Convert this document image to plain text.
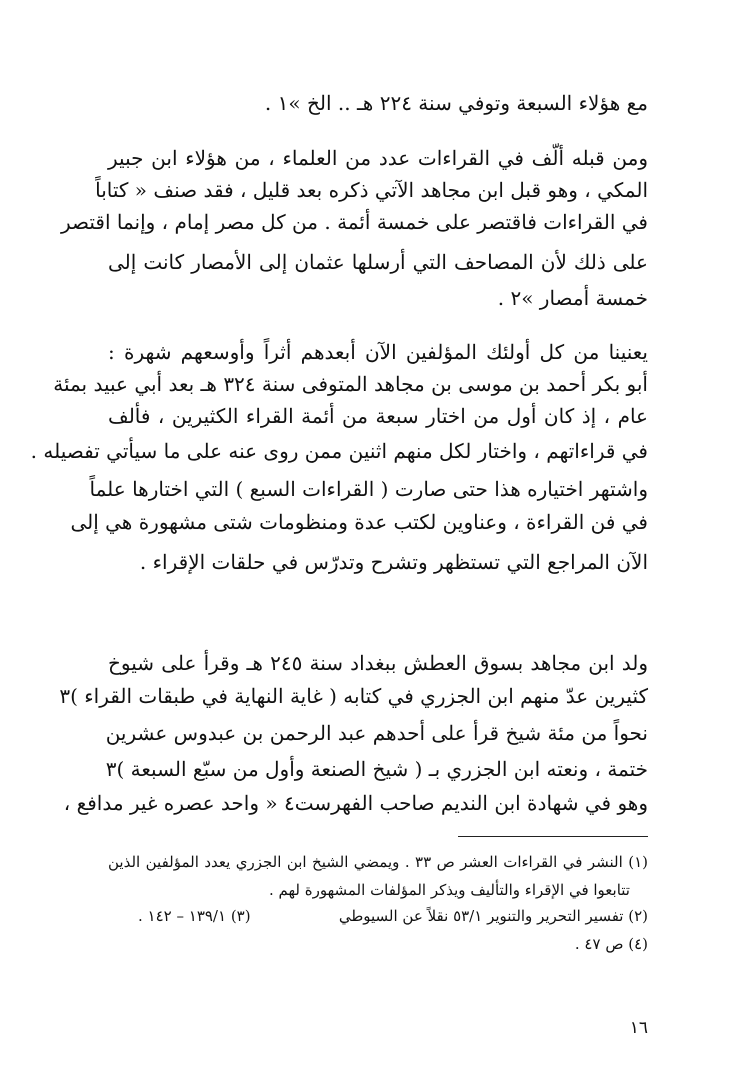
مع هؤلاء السبعة وتوفي سنة ٢٢٤ هـ .. الخ »١ .
ومن قبله ألّف في القراءات عدد من العلماء ، من هؤلاء ابن جبير
المكي ، وهو قبل ابن مجاهد الآتي ذكره بعد قليل ، فقد صنف « كتاباً
في القراءات فاقتصر على خمسة أئمة . من كل مصر إمام ، وإنما اقتصر
على ذلك لأن المصاحف التي أرسلها عثمان إلى الأمصار كانت إلى
خمسة أمصار »٢ .
يعنينا من كل أولئك المؤلفين الآن أبعدهم أثراً وأوسعهم شهرة :
أبو بكر أحمد بن موسى بن مجاهد المتوفى سنة ٣٢٤ هـ بعد أبي عبيد بمئة
عام ، إذ كان أول من اختار سبعة من أئمة القراء الكثيرين ، فألف
في قراءاتهم ، واختار لكل منهم اثنين ممن روى عنه على ما سيأتي تفصيله .
واشتهر اختياره هذا حتى صارت ( القراءات السبع ) التي اختارها علماً
في فن القراءة ، وعناوين لكتب عدة ومنظومات شتى مشهورة هي إلى
الآن المراجع التي تستظهر وتشرح وتدرّس في حلقات الإقراء .
ولد ابن مجاهد بسوق العطش ببغداد سنة ٢٤٥ هـ وقرأ على شيوخ
كثيرين عدّ منهم ابن الجزري في كتابه ( غاية النهاية في طبقات القراء )٣
نحواً من مئة شيخ قرأ على أحدهم عبد الرحمن بن عبدوس عشرين
ختمة ، ونعته ابن الجزري بـ ( شيخ الصنعة وأول من سبّع السبعة )٣
وهو في شهادة ابن النديم صاحب الفهرست٤ « واحد عصره غير مدافع ،
(١) النشر في القراءات العشر ص ٣٣ . ويمضي الشيخ ابن الجزري يعدد المؤلفين الذين
تتابعوا في الإقراء والتأليف ويذكر المؤلفات المشهورة لهم .
(٢) تفسير التحرير والتنوير ٥٣/١ نقلاً عن السيوطي
(٣) ١٣٩/١ – ١٤٢ .
(٤) ص ٤٧ .
١٦
